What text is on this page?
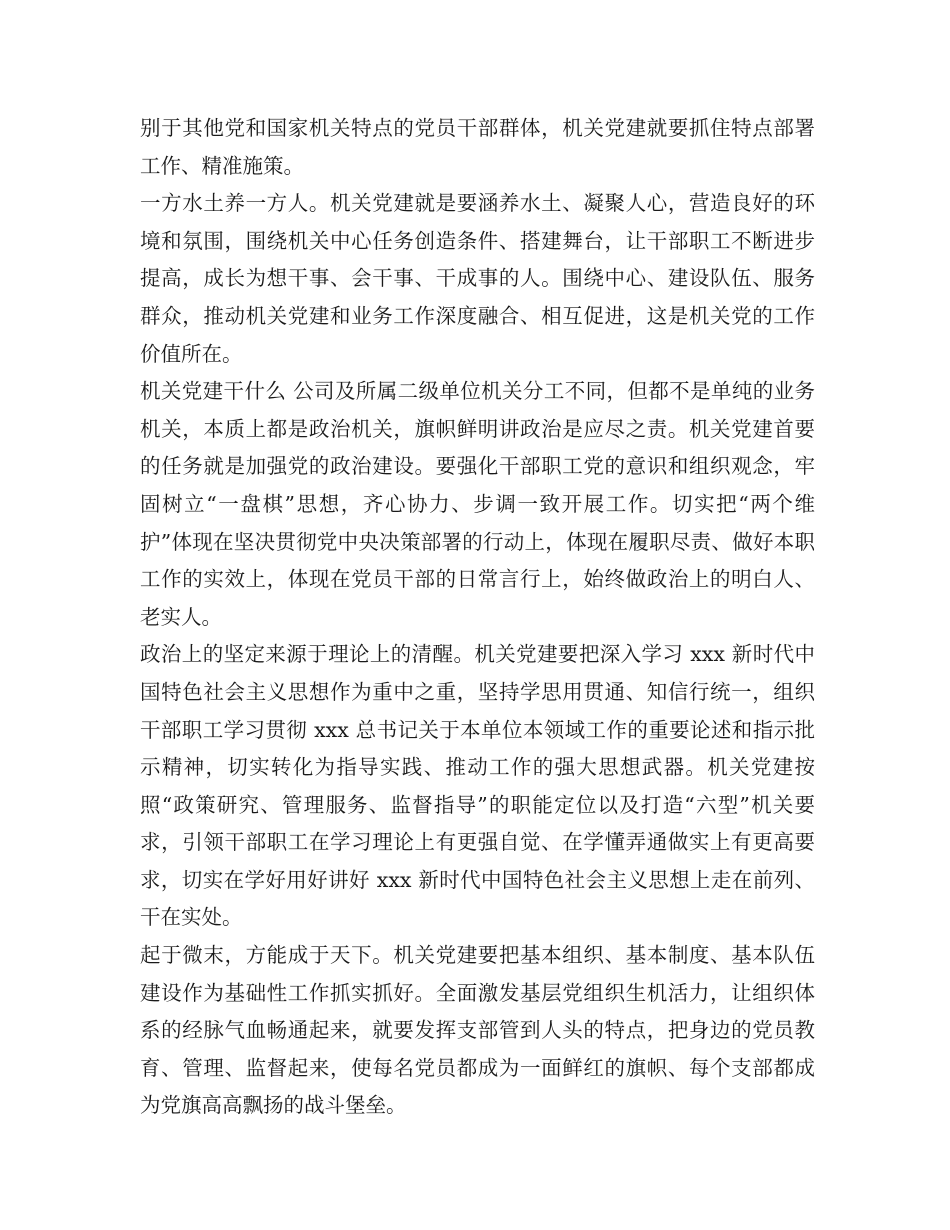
别于其他党和国家机关特点的党员干部群体，机关党建就要抓住特点部署工作、精准施策。

一方水土养一方人。机关党建就是要涵养水土、凝聚人心，营造良好的环境和氛围，围绕机关中心任务创造条件、搭建舞台，让干部职工不断进步提高，成长为想干事、会干事、干成事的人。围绕中心、建设队伍、服务群众，推动机关党建和业务工作深度融合、相互促进，这是机关党的工作价值所在。

机关党建干什么 公司及所属二级单位机关分工不同，但都不是单纯的业务机关，本质上都是政治机关，旗帜鲜明讲政治是应尽之责。机关党建首要的任务就是加强党的政治建设。要强化干部职工党的意识和组织观念，牢固树立“一盘棋”思想，齐心协力、步调一致开展工作。切实把“两个维护”体现在坚决贯彻党中央决策部署的行动上，体现在履职尽责、做好本职工作的实效上，体现在党员干部的日常言行上，始终做政治上的明白人、老实人。

政治上的坚定来源于理论上的清醒。机关党建要把深入学习 xxx 新时代中国特色社会主义思想作为重中之重，坚持学思用贯通、知信行统一，组织干部职工学习贯彻 xxx 总书记关于本单位本领域工作的重要论述和指示批示精神，切实转化为指导实践、推动工作的强大思想武器。机关党建按照“政策研究、管理服务、监督指导”的职能定位以及打造“六型”机关要求，引领干部职工在学习理论上有更强自觉、在学懂弄通做实上有更高要求，切实在学好用好讲好 xxx 新时代中国特色社会主义思想上走在前列、干在实处。

起于微末，方能成于天下。机关党建要把基本组织、基本制度、基本队伍建设作为基础性工作抓实抓好。全面激发基层党组织生机活力，让组织体系的经脉气血畅通起来，就要发挥支部管到人头的特点，把身边的党员教育、管理、监督起来，使每名党员都成为一面鲜红的旗帜、每个支部都成为党旗高高飘扬的战斗堡垒。
